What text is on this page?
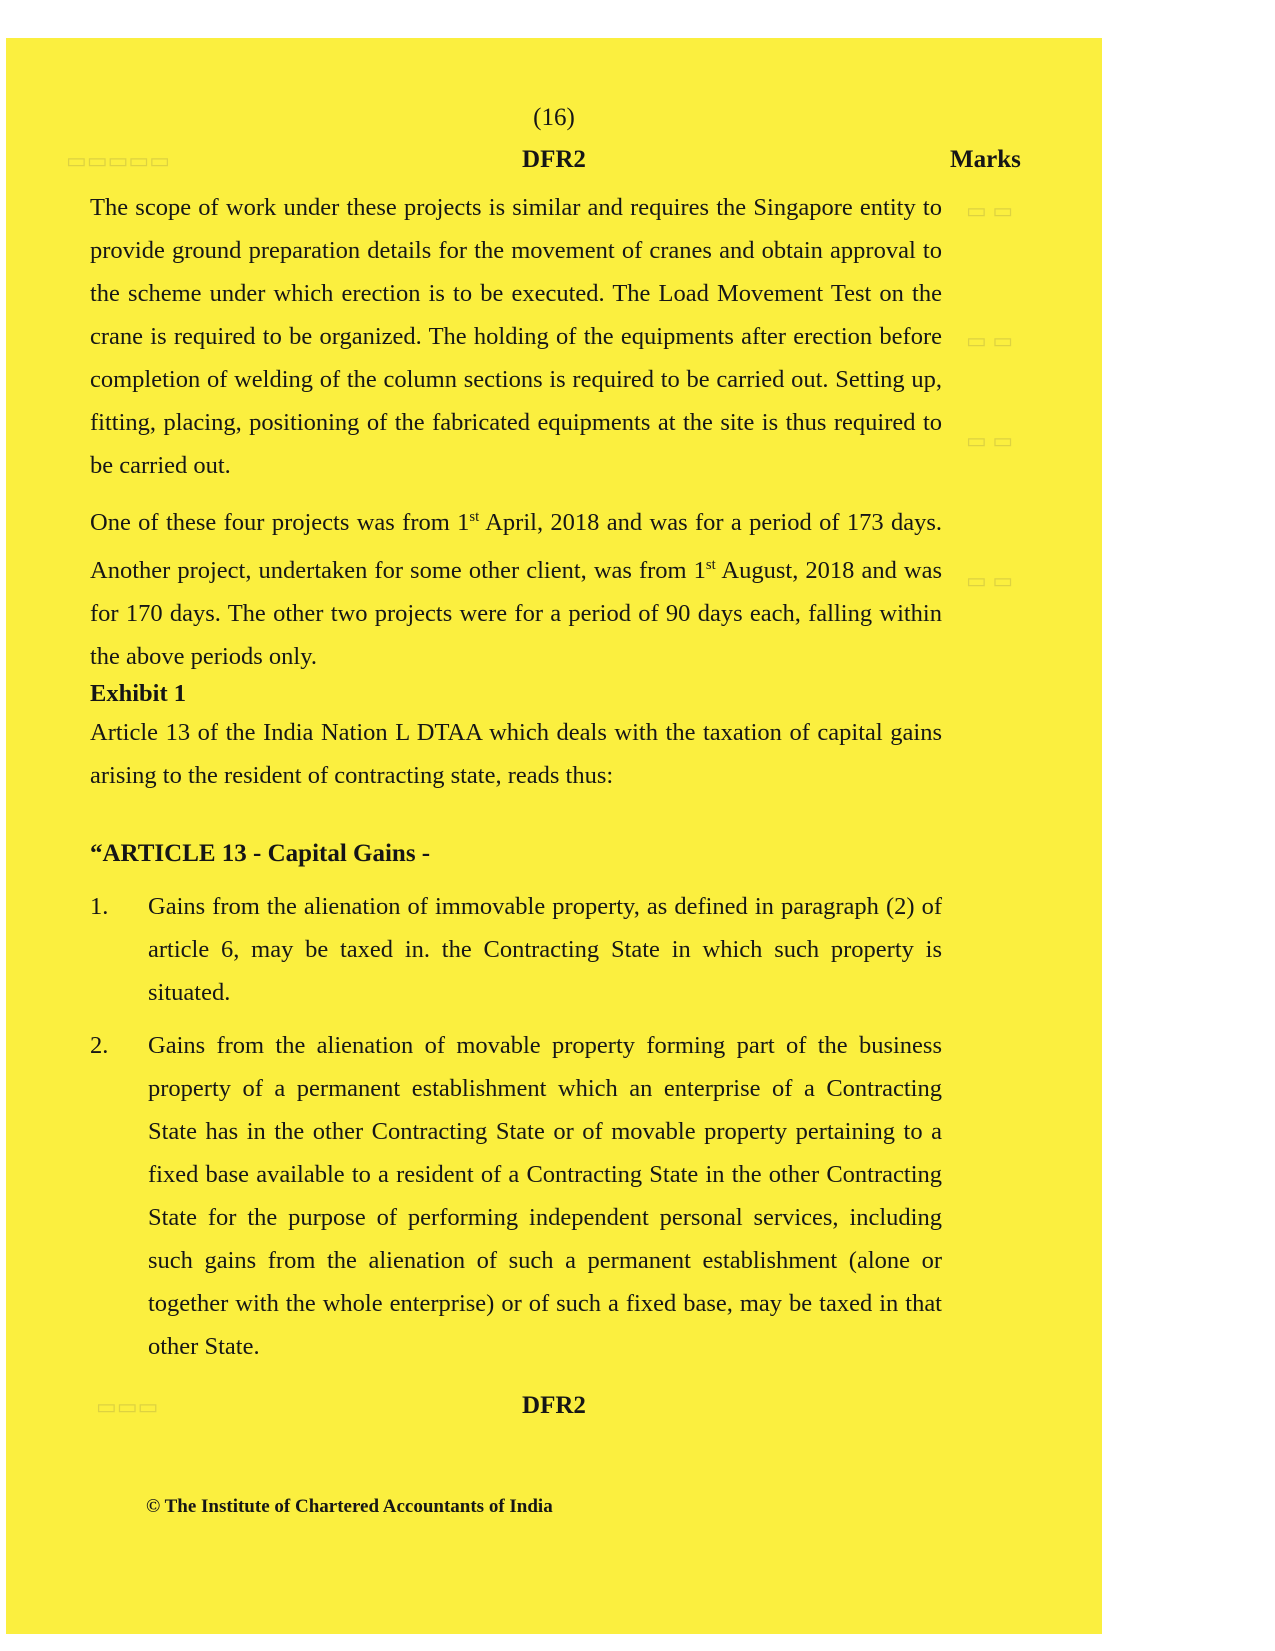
▭▭▭▭▭
▭ ▭
▭ ▭
▭ ▭
▭ ▭
▭▭▭

(16)

DFR2	Marks

The scope of work under these projects is similar and requires the Singapore entity to provide ground preparation details for the movement of cranes and obtain approval to the scheme under which erection is to be executed. The Load Movement Test on the crane is required to be organized. The holding of the equipments after erection before completion of welding of the column sections is required to be carried out. Setting up, fitting, placing, positioning of the fabricated equipments at the site is thus required to be carried out.

One of these four projects was from 1st April, 2018 and was for a period of 173 days. Another project, undertaken for some other client, was from 1st August, 2018 and was for 170 days. The other two projects were for a period of 90 days each, falling within the above periods only.

Exhibit 1

Article 13 of the India Nation L DTAA which deals with the taxation of capital gains arising to the resident of contracting state, reads thus:

“ARTICLE 13 - Capital Gains -

1.	Gains from the alienation of immovable property, as defined in paragraph (2) of article 6, may be taxed in. the Contracting State in which such property is situated.
2.	Gains from the alienation of movable property forming part of the business property of a permanent establishment which an enterprise of a Contracting State has in the other Contracting State or of movable property pertaining to a fixed base available to a resident of a Contracting State in the other Contracting State for the purpose of performing independent personal services, including such gains from the alienation of such a permanent establishment (alone or together with the whole enterprise) or of such a fixed base, may be taxed in that other State.

DFR2

© The Institute of Chartered Accountants of India
